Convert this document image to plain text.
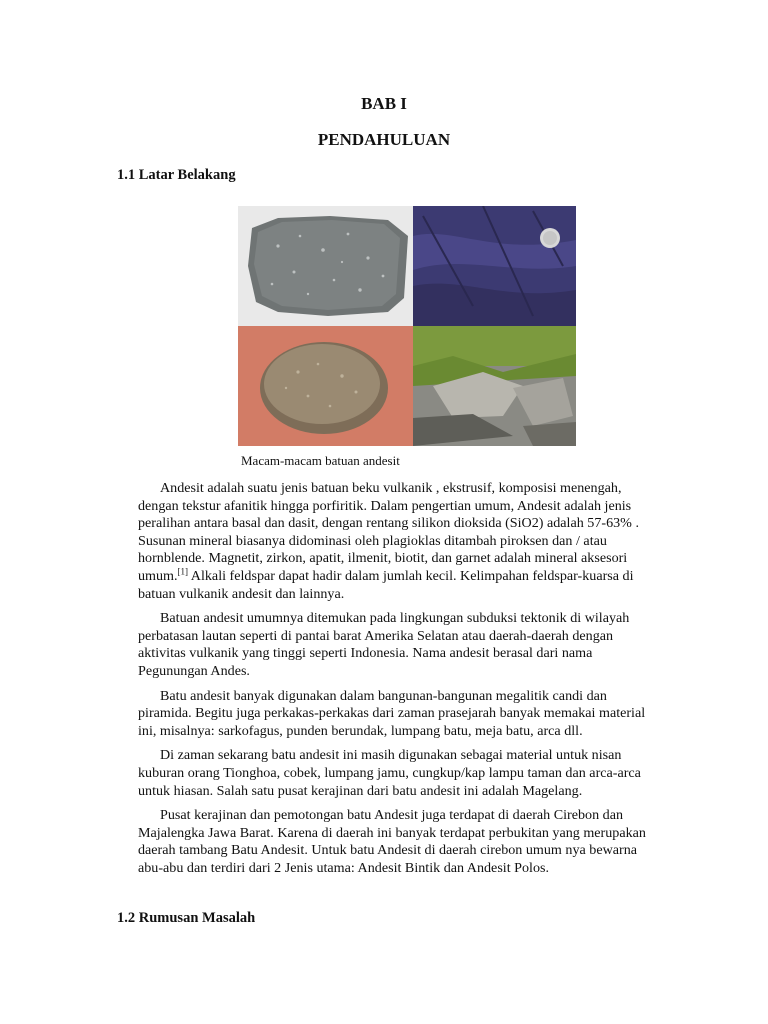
BAB I
PENDAHULUAN
1.1 Latar Belakang

Macam-macam batuan andesit

Andesit adalah suatu jenis batuan beku vulkanik , ekstrusif, komposisi menengah, dengan tekstur afanitik hingga porfiritik. Dalam pengertian umum, Andesit adalah jenis peralihan antara basal dan dasit, dengan rentang silikon dioksida (SiO2) adalah 57-63% . Susunan mineral biasanya didominasi oleh plagioklas ditambah piroksen dan / atau hornblende. Magnetit, zirkon, apatit, ilmenit, biotit, dan garnet adalah mineral aksesori umum.[1] Alkali feldspar dapat hadir dalam jumlah kecil. Kelimpahan feldspar-kuarsa di batuan vulkanik andesit dan lainnya.

Batuan andesit umumnya ditemukan pada lingkungan subduksi tektonik di wilayah perbatasan lautan seperti di pantai barat Amerika Selatan atau daerah-daerah dengan aktivitas vulkanik yang tinggi seperti Indonesia. Nama andesit berasal dari nama Pegunungan Andes.

Batu andesit banyak digunakan dalam bangunan-bangunan megalitik candi dan piramida. Begitu juga perkakas-perkakas dari zaman prasejarah banyak memakai material ini, misalnya: sarkofagus, punden berundak, lumpang batu, meja batu, arca dll.

Di zaman sekarang batu andesit ini masih digunakan sebagai material untuk nisan kuburan orang Tionghoa, cobek, lumpang jamu, cungkup/kap lampu taman dan arca-arca untuk hiasan. Salah satu pusat kerajinan dari batu andesit ini adalah Magelang.

Pusat kerajinan dan pemotongan batu Andesit juga terdapat di daerah Cirebon dan Majalengka Jawa Barat. Karena di daerah ini banyak terdapat perbukitan yang merupakan daerah tambang Batu Andesit. Untuk batu Andesit di daerah cirebon umum nya bewarna abu-abu dan terdiri dari 2 Jenis utama: Andesit Bintik dan Andesit Polos.

1.2 Rumusan Masalah
